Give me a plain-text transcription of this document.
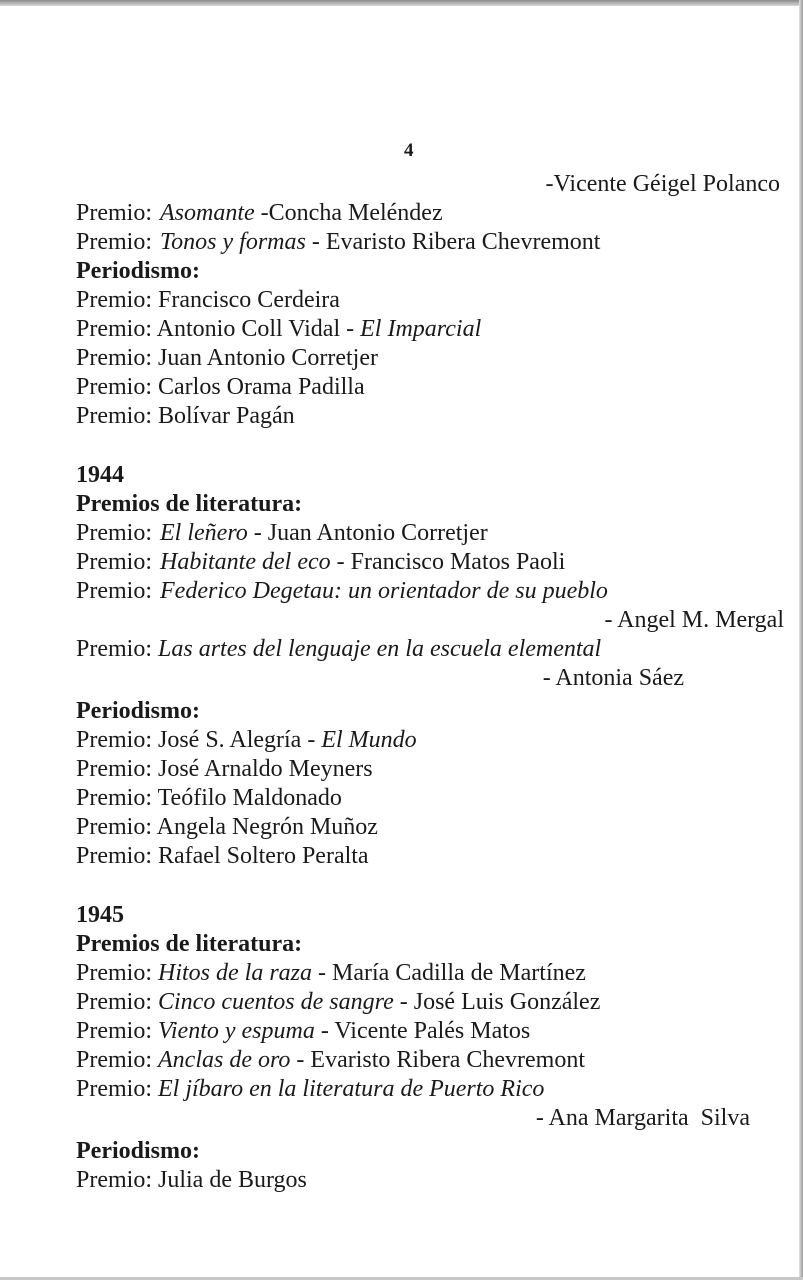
4
-Vicente Géigel Polanco
Premio:  Asomante -Concha Meléndez
Premio:  Tonos y formas - Evaristo Ribera Chevremont
Periodismo:
Premio: Francisco Cerdeira
Premio: Antonio Coll Vidal - El Imparcial
Premio: Juan Antonio Corretjer
Premio: Carlos Orama Padilla
Premio: Bolívar Pagán
1944
Premios de literatura:
Premio:  El leñero - Juan Antonio Corretjer
Premio:  Habitante del eco - Francisco Matos Paoli
Premio:  Federico Degetau: un orientador de su pueblo
- Angel M. Mergal
Premio: Las artes del lenguaje en la escuela elemental
- Antonia Sáez
Periodismo:
Premio: José S. Alegría - El Mundo
Premio: José Arnaldo Meyners
Premio: Teófilo Maldonado
Premio: Angela Negrón Muñoz
Premio: Rafael Soltero Peralta
1945
Premios de literatura:
Premio: Hitos de la raza - María Cadilla de Martínez
Premio: Cinco cuentos de sangre - José Luis González
Premio: Viento y espuma - Vicente Palés Matos
Premio: Anclas de oro - Evaristo Ribera Chevremont
Premio: El jíbaro en la literatura de Puerto Rico
- Ana Margarita  Silva
Periodismo:
Premio: Julia de Burgos
